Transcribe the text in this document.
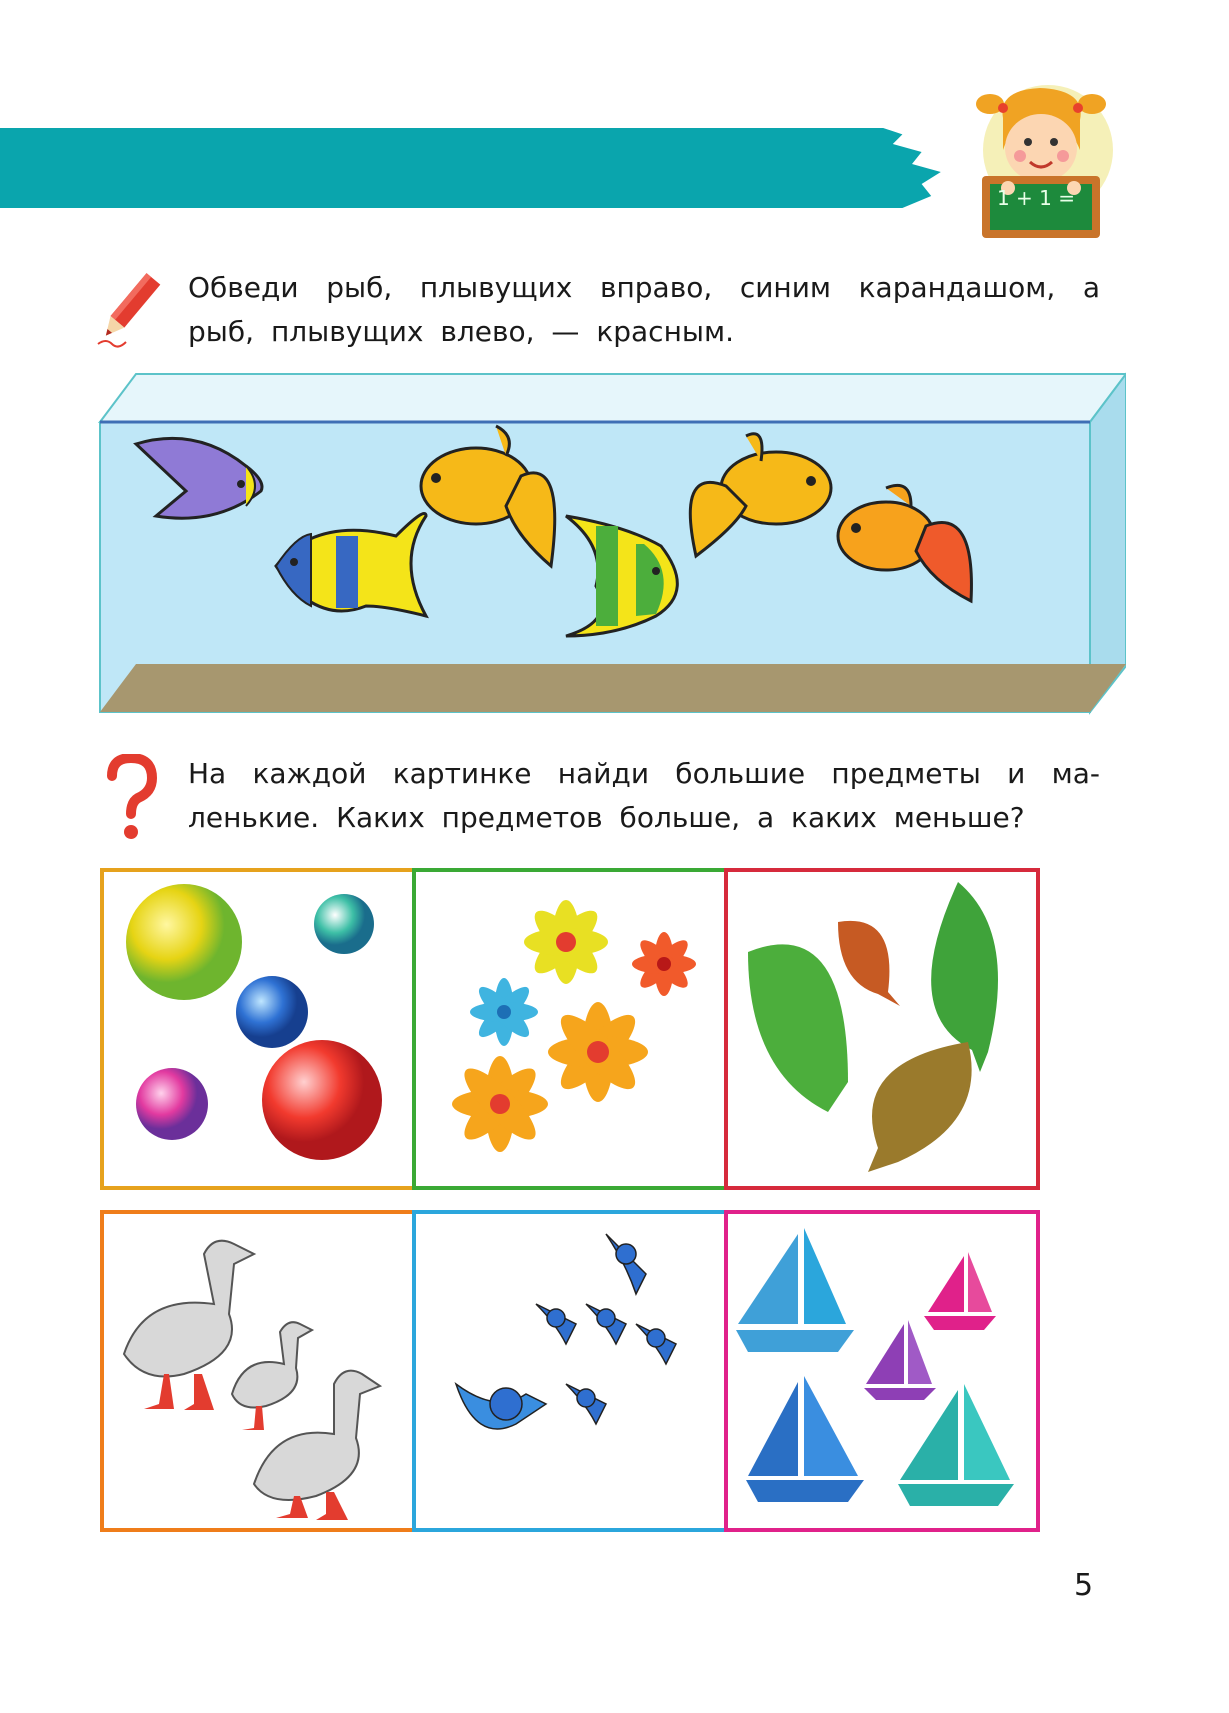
1 + 1 =
Обведи рыб, плывущих вправо, синим карандашом, а рыб, плывущих влево, — красным.
На каждой картинке найди большие предметы и маленькие. Каких предметов больше, а каких меньше?
5
